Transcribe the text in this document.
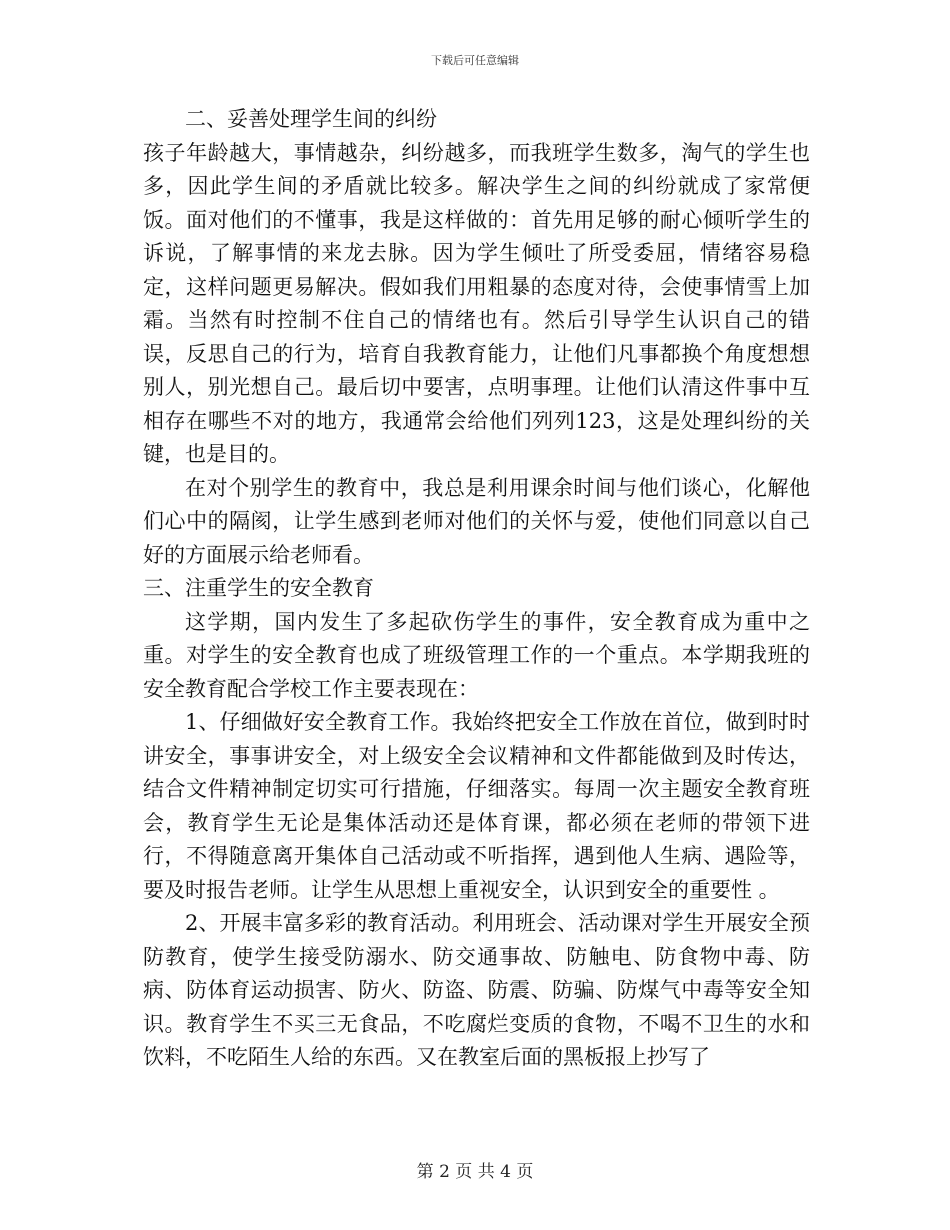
下载后可任意编辑

二、妥善处理学生间的纠纷

孩子年龄越大，事情越杂，纠纷越多，而我班学生数多，淘气的学生也多，因此学生间的矛盾就比较多。解决学生之间的纠纷就成了家常便饭。面对他们的不懂事，我是这样做的：首先用足够的耐心倾听学生的诉说，了解事情的来龙去脉。因为学生倾吐了所受委屈，情绪容易稳定，这样问题更易解决。假如我们用粗暴的态度对待，会使事情雪上加霜。当然有时控制不住自己的情绪也有。然后引导学生认识自己的错误，反思自己的行为，培育自我教育能力，让他们凡事都换个角度想想别人，别光想自己。最后切中要害，点明事理。让他们认清这件事中互相存在哪些不对的地方，我通常会给他们列列123，这是处理纠纷的关键，也是目的。

在对个别学生的教育中，我总是利用课余时间与他们谈心，化解他们心中的隔阂，让学生感到老师对他们的关怀与爱，使他们同意以自己好的方面展示给老师看。

三、注重学生的安全教育

这学期，国内发生了多起砍伤学生的事件，安全教育成为重中之重。对学生的安全教育也成了班级管理工作的一个重点。本学期我班的安全教育配合学校工作主要表现在：

1、仔细做好安全教育工作。我始终把安全工作放在首位，做到时时讲安全，事事讲安全，对上级安全会议精神和文件都能做到及时传达，结合文件精神制定切实可行措施，仔细落实。每周一次主题安全教育班会，教育学生无论是集体活动还是体育课，都必须在老师的带领下进行，不得随意离开集体自己活动或不听指挥，遇到他人生病、遇险等，要及时报告老师。让学生从思想上重视安全，认识到安全的重要性 。

2、开展丰富多彩的教育活动。利用班会、活动课对学生开展安全预防教育，使学生接受防溺水、防交通事故、防触电、防食物中毒、防病、防体育运动损害、防火、防盗、防震、防骗、防煤气中毒等安全知识。教育学生不买三无食品，不吃腐烂变质的食物，不喝不卫生的水和饮料，不吃陌生人给的东西。又在教室后面的黑板报上抄写了

第 2 页 共 4 页
